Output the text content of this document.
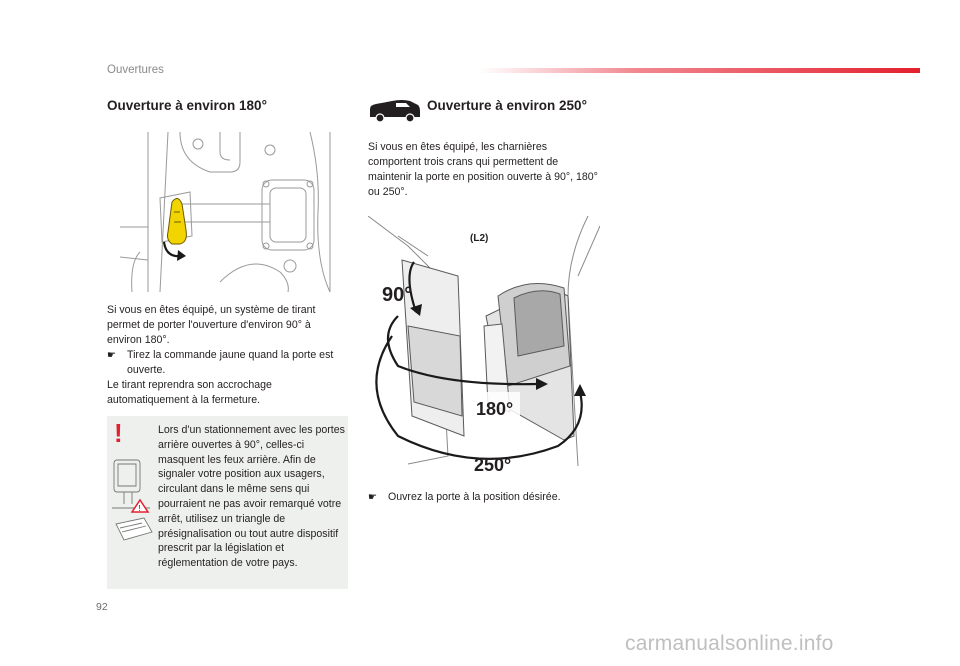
Ouvertures
Ouverture à environ 180°

Si vous en êtes équipé, un système de tirant permet de porter l'ouverture d'environ 90° à environ 180°.

☛	Tirez la commande jaune quand la porte est ouverte.

Le tirant reprendra son accrochage automatiquement à la fermeture.

!
!
Lors d'un stationnement avec les portes arrière ouvertes à 90°, celles-ci masquent les feux arrière. Afin de signaler votre position aux usagers, circulant dans le même sens qui pourraient ne pas avoir remarqué votre arrêt, utilisez un triangle de présignalisation ou tout autre dispositif prescrit par la législation et réglementation de votre pays.
Ouverture à environ 250°
Si vous en êtes équipé, les charnières comportent trois crans qui permettent de maintenir la porte en position ouverte à 90°, 180° ou 250°.
(L2)
90°
180°
250°
☛	Ouvrez la porte à la position désirée.
92
carmanualsonline.info
